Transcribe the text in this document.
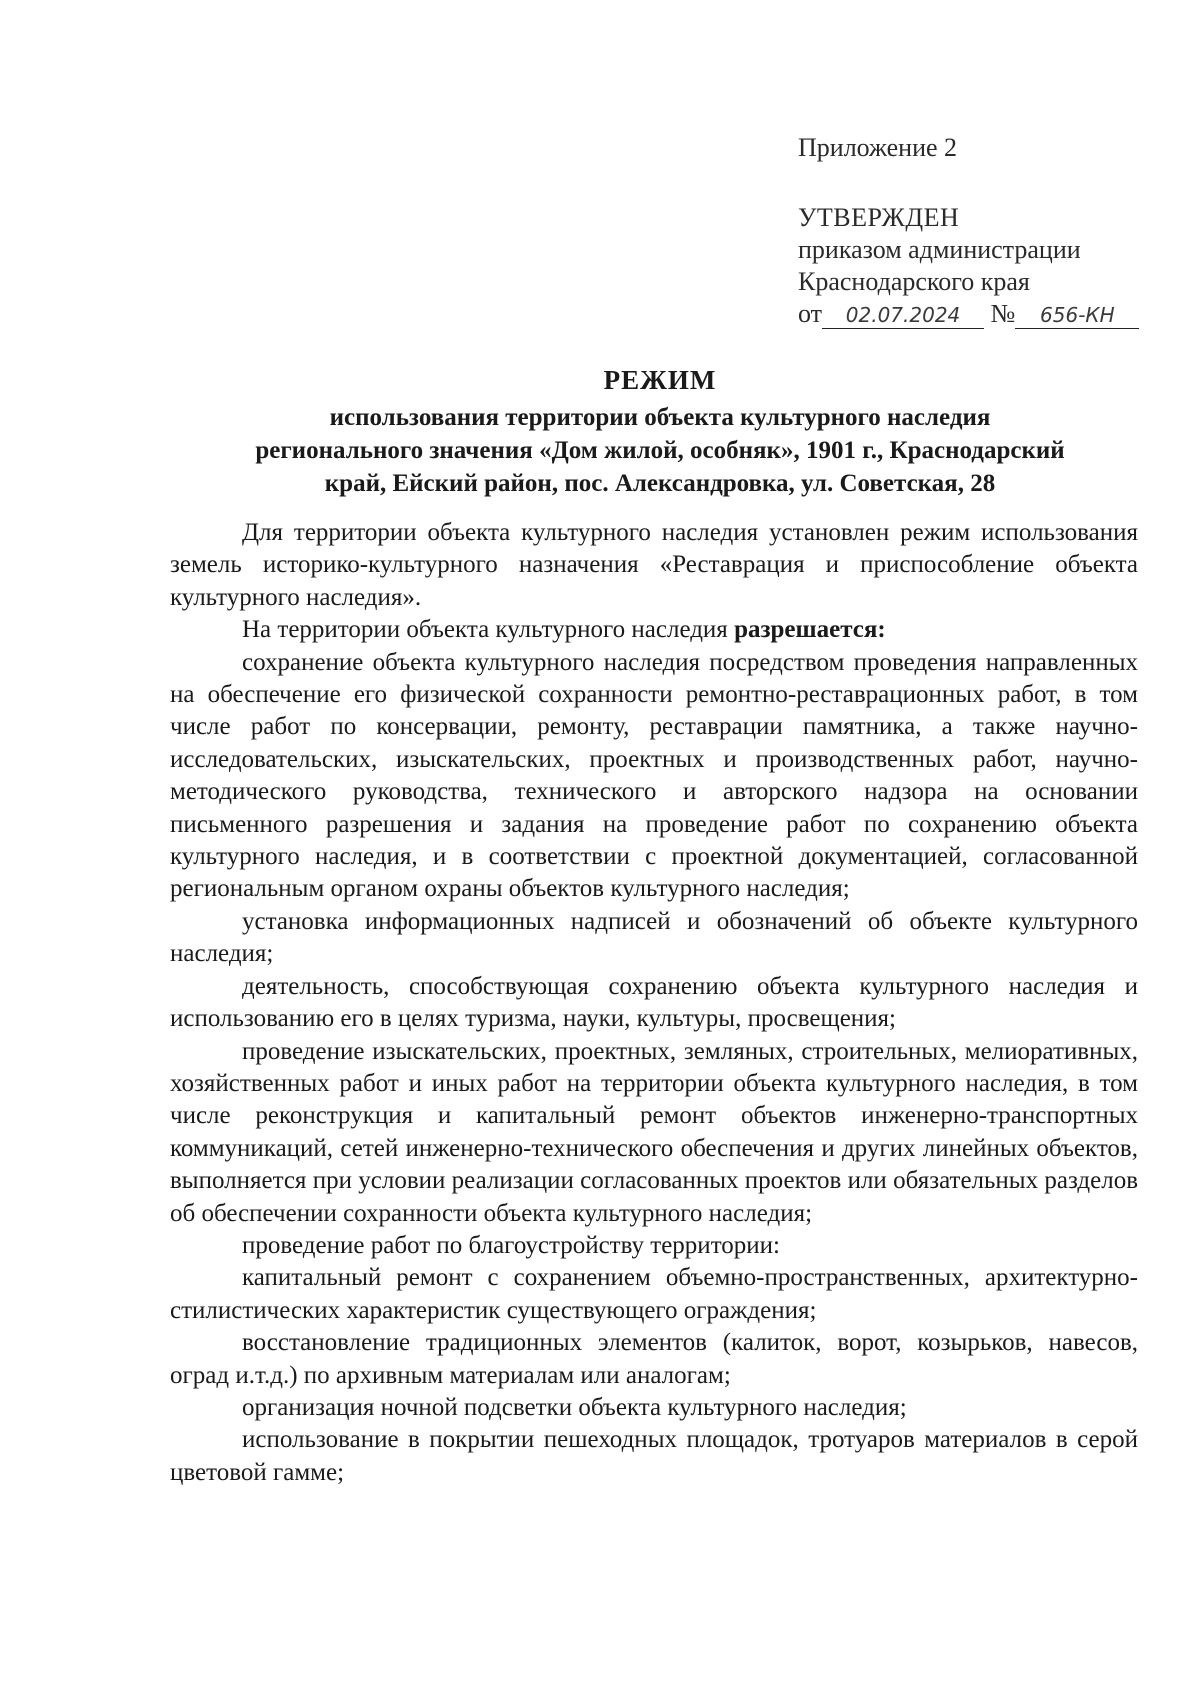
Приложение 2
УТВЕРЖДЕН
приказом администрации
Краснодарского края
от 02.07.2024 № 656-КН
РЕЖИМ
использования территории объекта культурного наследия
регионального значения «Дом жилой, особняк», 1901 г., Краснодарский
край, Ейский район, пос. Александровка, ул. Советская, 28

Для территории объекта культурного наследия установлен режим использования земель историко-культурного назначения «Реставрация и приспособление объекта культурного наследия».

На территории объекта культурного наследия разрешается:

сохранение объекта культурного наследия посредством проведения направленных на обеспечение его физической сохранности ремонтно-реставрационных работ, в том числе работ по консервации, ремонту, реставрации памятника, а также научно-исследовательских, изыскательских, проектных и производственных работ, научно-методического руководства, технического и авторского надзора на основании письменного разрешения и задания на проведение работ по сохранению объекта культурного наследия, и в соответствии с проектной документацией, согласованной региональным органом охраны объектов культурного наследия;

установка информационных надписей и обозначений об объекте культурного наследия;

деятельность, способствующая сохранению объекта культурного наследия и использованию его в целях туризма, науки, культуры, просвещения;

проведение изыскательских, проектных, земляных, строительных, мелиоративных, хозяйственных работ и иных работ на территории объекта культурного наследия, в том числе реконструкция и капитальный ремонт объектов инженерно-транспортных коммуникаций, сетей инженерно-технического обеспечения и других линейных объектов, выполняется при условии реализации согласованных проектов или обязательных разделов об обеспечении сохранности объекта культурного наследия;

проведение работ по благоустройству территории:

капитальный ремонт с сохранением объемно-пространственных, архитектурно-стилистических характеристик существующего ограждения;

восстановление традиционных элементов (калиток, ворот, козырьков, навесов, оград и.т.д.) по архивным материалам или аналогам;

организация ночной подсветки объекта культурного наследия;

использование в покрытии пешеходных площадок, тротуаров материалов в серой цветовой гамме;
